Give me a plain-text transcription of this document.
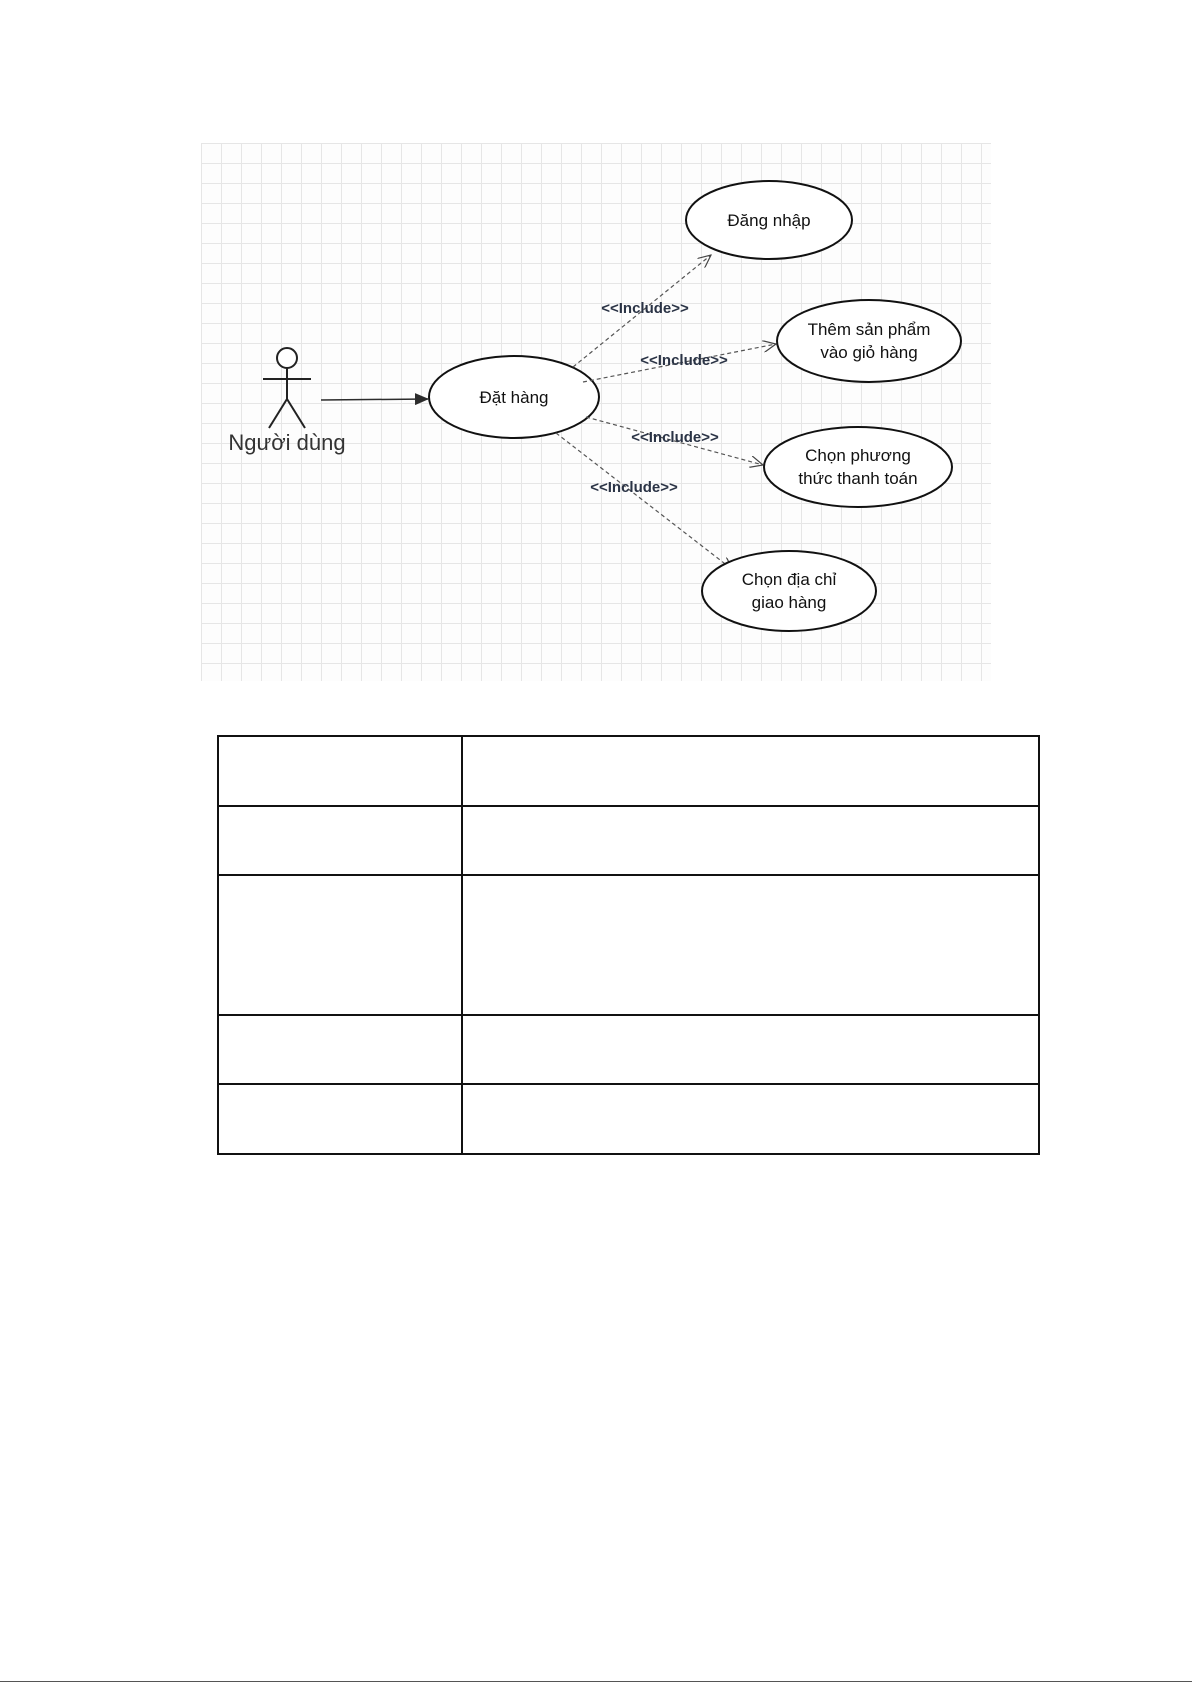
Người dùng
Đặt hàng
<<Include>>
<<Include>>
<<Include>>
<<Include>>
Đăng nhập
Thêm sản phẩm
vào giỏ hàng
Chọn phương
thức thanh toán
Chọn địa chỉ
giao hàng
